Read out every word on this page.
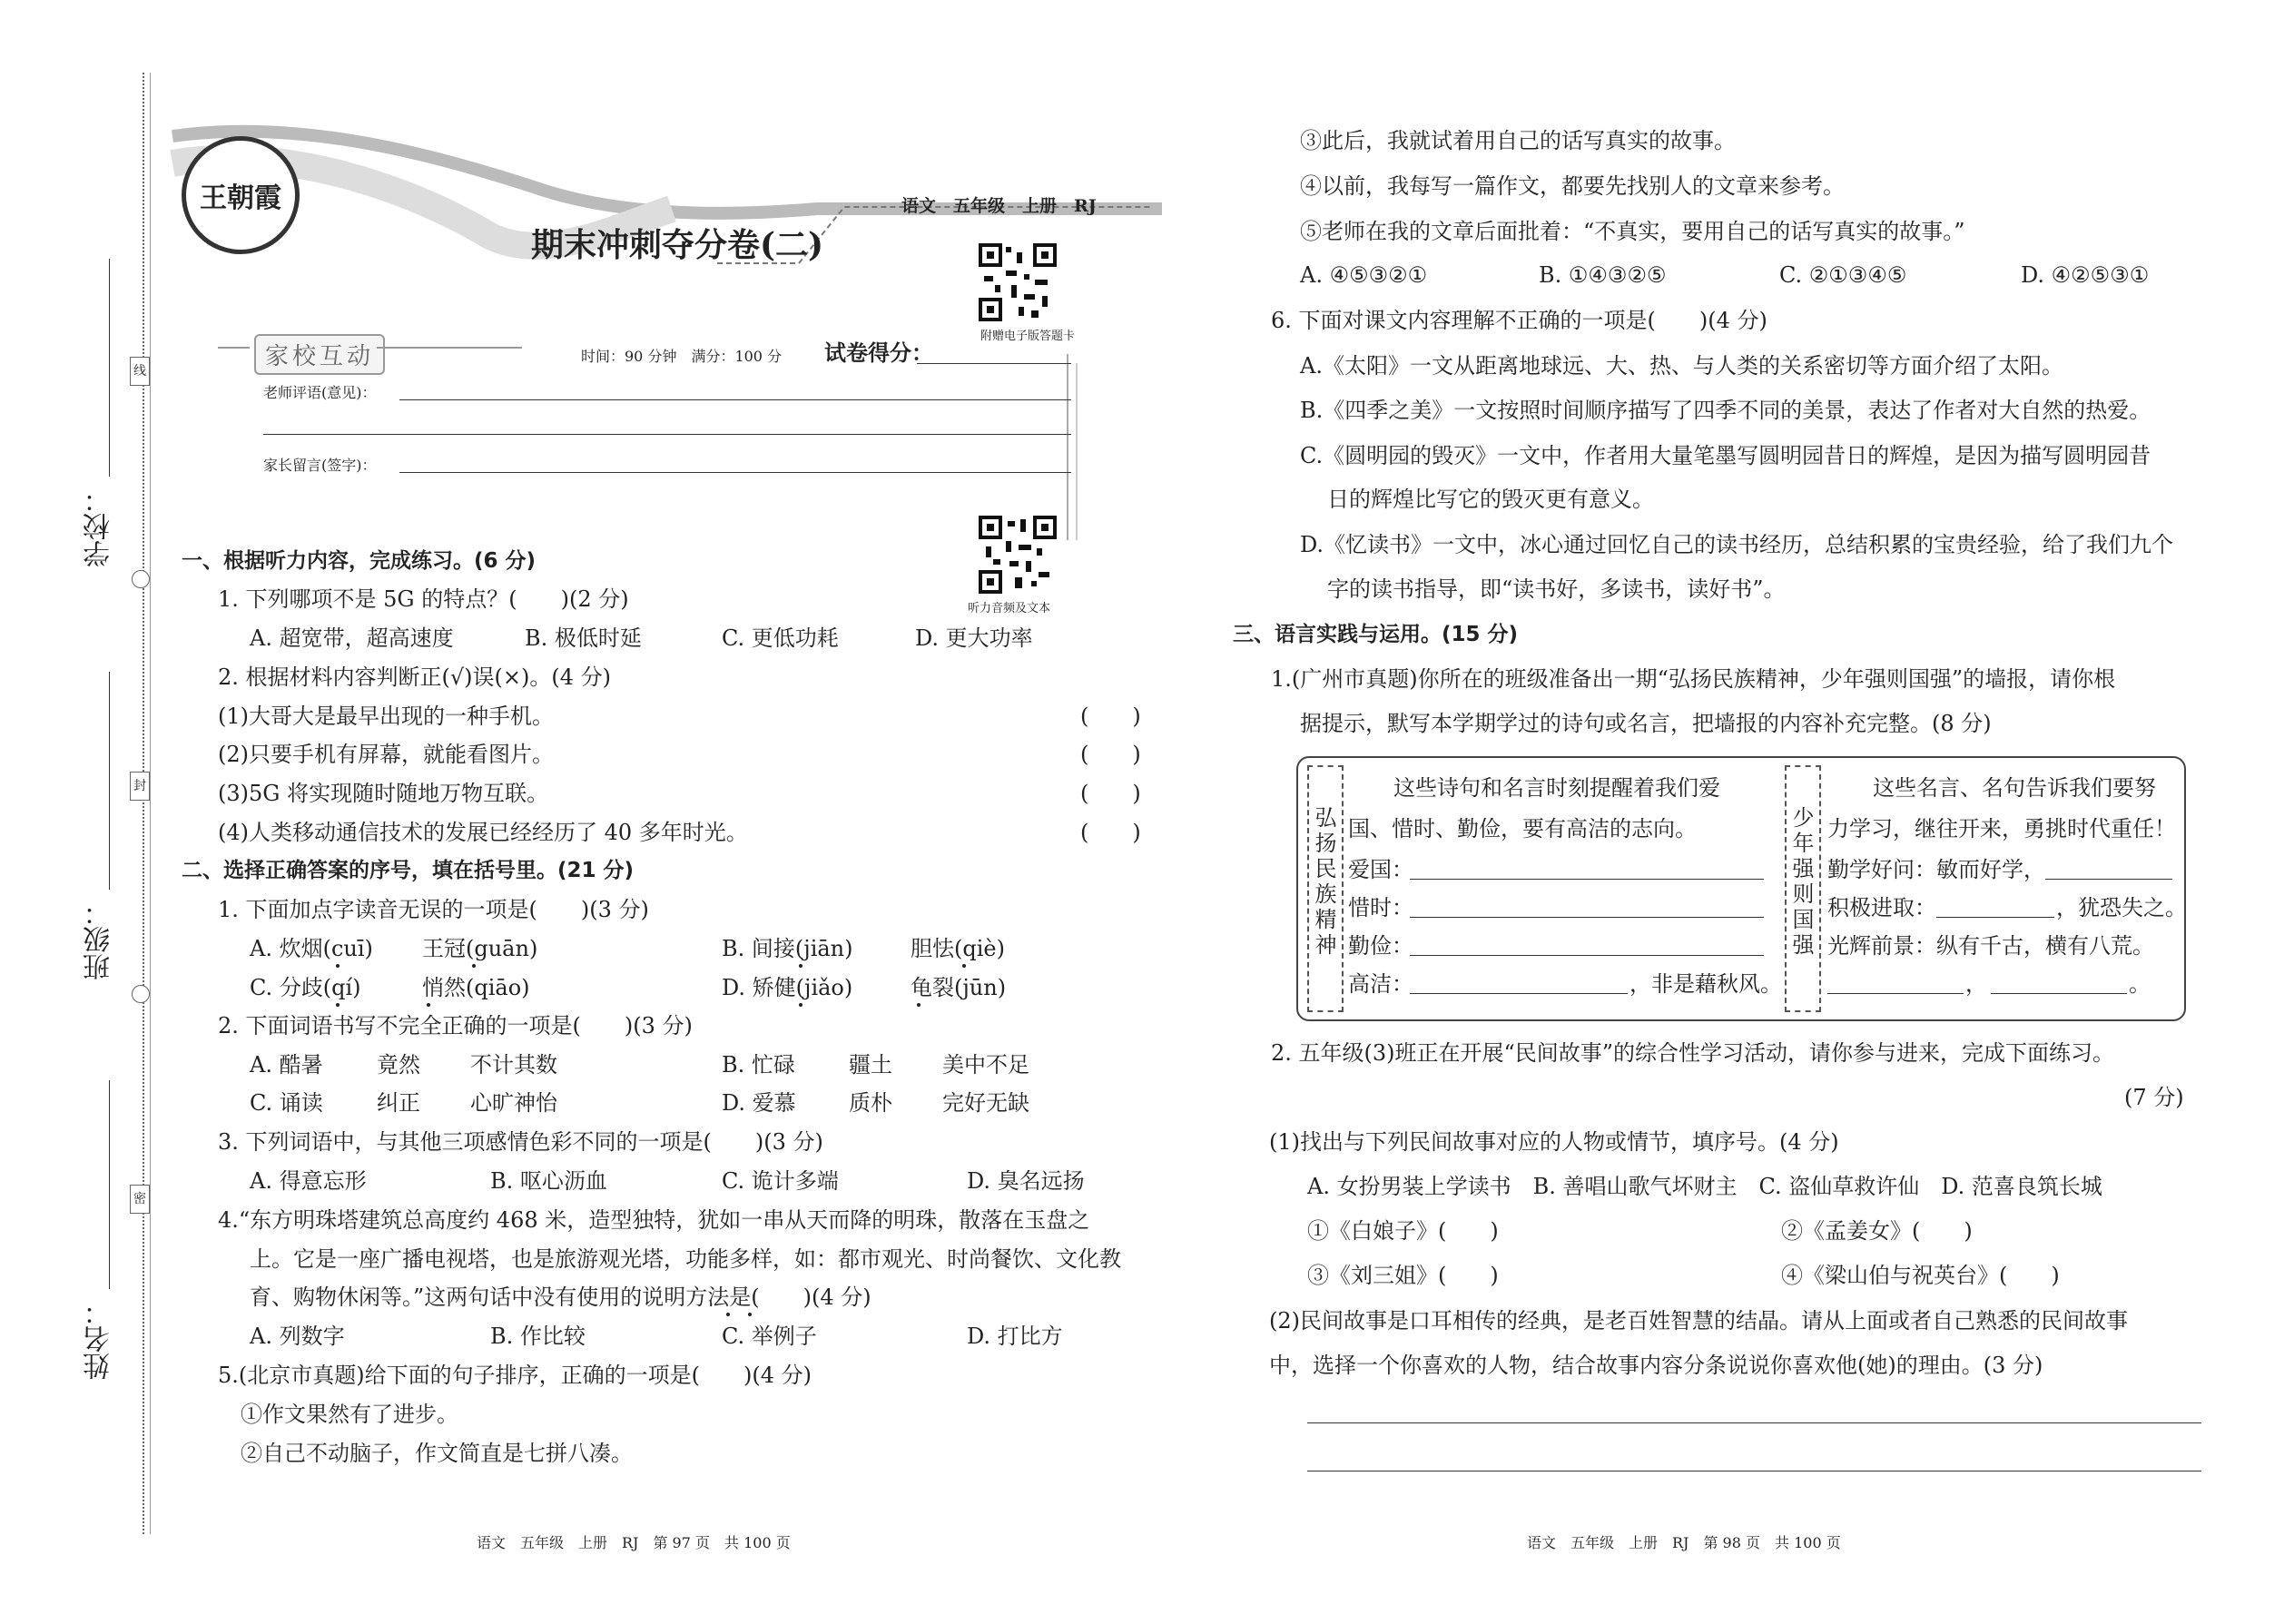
线
封
密
学校：
班级：
姓名：
王朝霞	语文　五年级　上册　RJ
期末冲刺夺分卷(二)
附赠电子版答题卡
听力音频及文本
家校互动	时间：90 分钟　满分：100 分 试卷得分：
老师评语(意见)：
家长留言(签字)：
一、根据听力内容，完成练习。(6 分)
1. 下列哪项不是 5G 的特点？(　　)(2 分)
A. 超宽带，超高速度	B. 极低时延	C. 更低功耗	D. 更大功率
2. 根据材料内容判断正(√)误(×)。(4 分)
(1)大哥大是最早出现的一种手机。	(　　)
(2)只要手机有屏幕，就能看图片。	(　　)
(3)5G 将实现随时随地万物互联。	(　　)
(4)人类移动通信技术的发展已经经历了 40 多年时光。	(　　)
二、选择正确答案的序号，填在括号里。(21 分)
1. 下面加点字读音无误的一项是(　　)(3 分)
A. 炊烟(cuī) 王冠(guān)	B. 间接(jiān)	胆怯(qiè)
C. 分歧(qí)	悄然(qiāo)	D. 矫健(jiǎo)	龟裂(jūn)
2. 下面词语书写不完全正确的一项是(　　)(3 分)
A. 酷暑 竟然 不计其数	B. 忙碌 疆土 美中不足
C. 诵读 纠正 心旷神怡	D. 爱慕 质朴 完好无缺
3. 下列词语中，与其他三项感情色彩不同的一项是(　　)(3 分)
A. 得意忘形	B. 呕心沥血	C. 诡计多端	D. 臭名远扬
4.“东方明珠塔建筑总高度约 468 米，造型独特，犹如一串从天而降的明珠，散落在玉盘之
上。它是一座广播电视塔，也是旅游观光塔，功能多样，如：都市观光、时尚餐饮、文化教
育、购物休闲等。”这两句话中没有使用的说明方法是(　　)(4 分)
A. 列数字	B. 作比较	C. 举例子	D. 打比方
5.(北京市真题)给下面的句子排序，正确的一项是(　　)(4 分)
①作文果然有了进步。
②自己不动脑子，作文简直是七拼八凑。
语文　五年级　上册　RJ　第 97 页　共 100 页
③此后，我就试着用自己的话写真实的故事。
④以前，我每写一篇作文，都要先找别人的文章来参考。
⑤老师在我的文章后面批着：“不真实，要用自己的话写真实的故事。”
A. ④⑤③②①	B. ①④③②⑤	C. ②①③④⑤	D. ④②⑤③①
6. 下面对课文内容理解不正确的一项是(　　)(4 分)
A.《太阳》一文从距离地球远、大、热、与人类的关系密切等方面介绍了太阳。
B.《四季之美》一文按照时间顺序描写了四季不同的美景，表达了作者对大自然的热爱。
C.《圆明园的毁灭》一文中，作者用大量笔墨写圆明园昔日的辉煌，是因为描写圆明园昔
日的辉煌比写它的毁灭更有意义。
D.《忆读书》一文中，冰心通过回忆自己的读书经历，总结积累的宝贵经验，给了我们九个
字的读书指导，即“读书好，多读书，读好书”。
三、语言实践与运用。(15 分)
1.(广州市真题)你所在的班级准备出一期“弘扬民族精神，少年强则国强”的墙报，请你根
据提示，默写本学期学过的诗句或名言，把墙报的内容补充完整。(8 分)
弘扬民族精神
这些诗句和名言时刻提醒着我们爱
国、惜时、勤俭，要有高洁的志向。
爱国：
惜时：
勤俭：
高洁：	，非是藉秋风。
少年强则国强
这些名言、名句告诉我们要努
力学习，继往开来，勇挑时代重任！
勤学好问：敏而好学，
积极进取：	，犹恐失之。
光辉前景：纵有千古，横有八荒。
，	。
2. 五年级(3)班正在开展“民间故事”的综合性学习活动，请你参与进来，完成下面练习。
(7 分)
(1)找出与下列民间故事对应的人物或情节，填序号。(4 分)
A. 女扮男装上学读书　B. 善唱山歌气坏财主　C. 盗仙草救许仙　D. 范喜良筑长城
①《白娘子》(　　)	②《孟姜女》(　　)
③《刘三姐》(　　)	④《梁山伯与祝英台》(　　)
(2)民间故事是口耳相传的经典，是老百姓智慧的结晶。请从上面或者自己熟悉的民间故事
中，选择一个你喜欢的人物，结合故事内容分条说说你喜欢他(她)的理由。(3 分)
语文　五年级　上册　RJ　第 98 页　共 100 页
